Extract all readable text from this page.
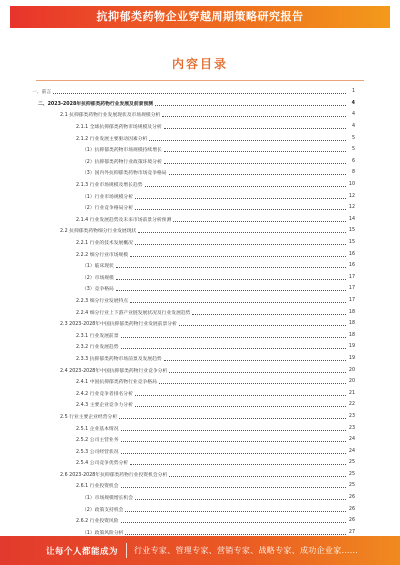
抗抑郁类药物企业穿越周期策略研究报告
内容目录
一、前言	1
二、2023-2028年抗抑郁类药物行业发展及前景预测	4
2.1 抗抑郁类药物行业发展现状及市场规模分析	4
2.1.1 全球抗抑郁类药物市场规模及分析	4
2.1.2 行业发展主要驱动因素分析	5
（1）抗抑郁类药物市场规模持续增长	5
（2）抗抑郁类药物行业政策环境分析	6
（3）国内外抗抑郁类药物市场竞争格局	8
2.1.3 行业市场规模及增长趋势	10
（1）行业市场规模分析	12
（2）行业竞争格局分析	12
2.1.4 行业发展趋势及未来市场前景分析预测	14
2.2 抗抑郁类药物细分行业发展现状	15
2.2.1 行业的技术发展概况	15
2.2.2 细分行业市场规模	16
（1）临床现状	16
（2）市场规模	17
（3）竞争格局	17
2.2.3 细分行业发展特点	17
2.2.4 细分行业上下游产业链发展状况及行业发展趋势	18
2.3 2023-2028年中国抗抑郁类药物行业发展前景分析	18
2.3.1 行业发展前景	18
2.3.2 行业发展趋势	19
2.3.3 抗抑郁类药物市场前景及发展趋势	19
2.4 2023-2028年中国抗抑郁类药物行业竞争分析	20
2.4.1 中国抗抑郁类药物行业竞争格局	20
2.4.2 行业竞争者排名分析	21
2.4.3 主要企业竞争力分析	22
2.5 行业主要企业经营分析	23
2.5.1 企业基本情况	23
2.5.2 公司主营业务	24
2.5.3 公司经营状况	24
2.5.4 公司竞争优势分析	25
2.6 2023-2028年抗抑郁类药物行业投资机会分析	25
2.6.1 行业投资机会	25
（1）市场规模增长机会	26
（2）政策支持机会	26
2.6.2 行业投资风险	26
（1）政策风险分析	27
让每个人都能成为 行业专家、管理专家、营销专家、战略专家、成功企业家……
